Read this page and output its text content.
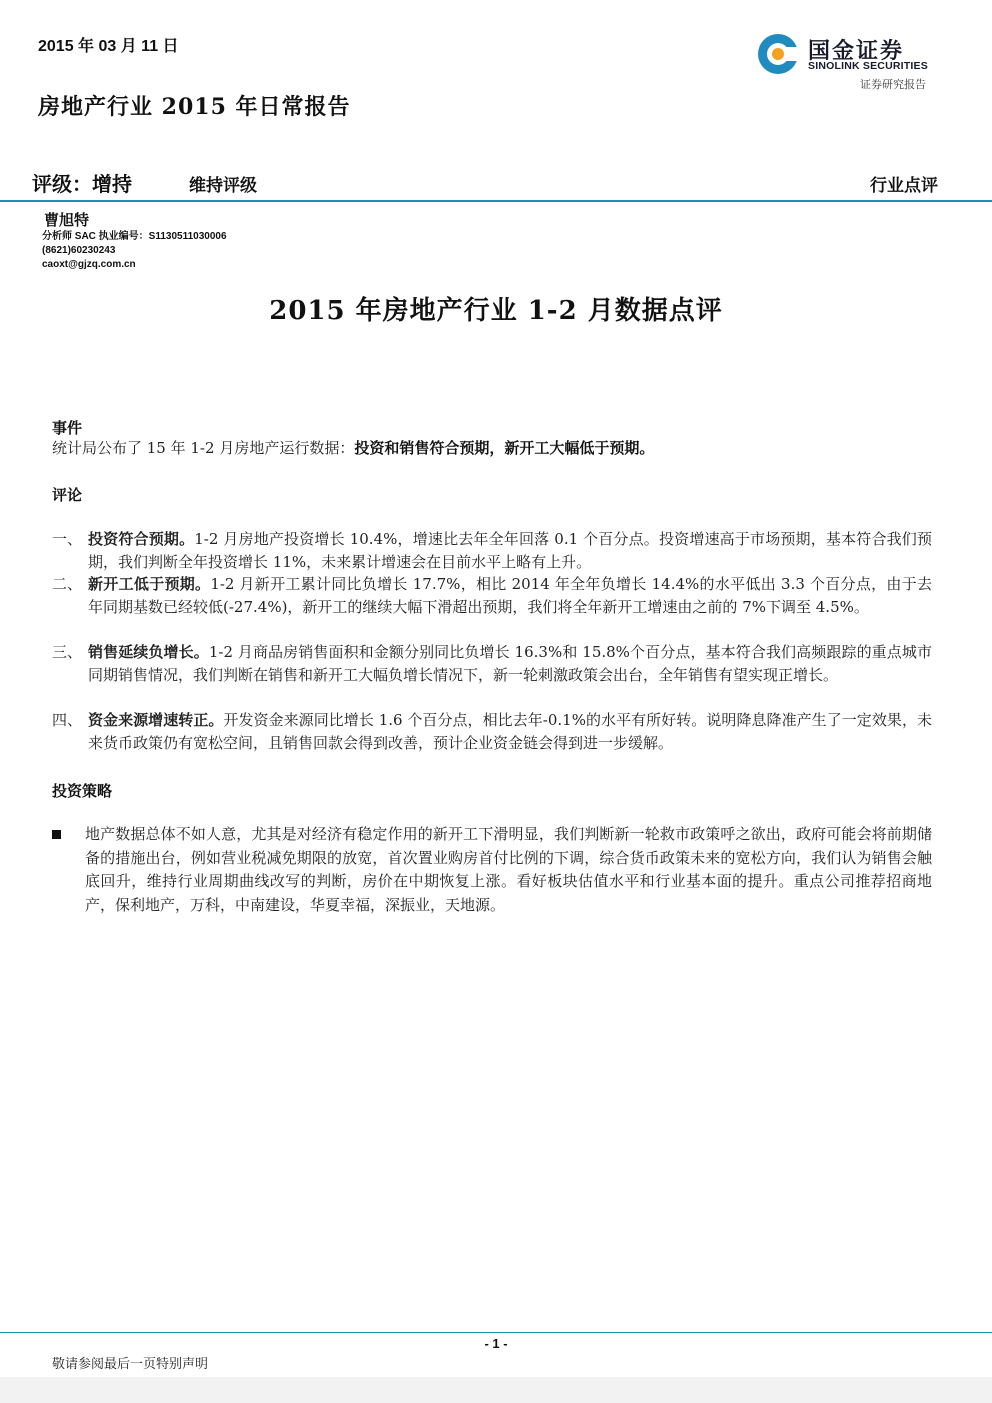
2015 年 03 月 11 日
房地产行业 2015 年日常报告
国金证券
SINOLINK SECURITIES
证券研究报告
评级：增持	维持评级	行业点评
曹旭特
分析师 SAC 执业编号：S1130511030006
(8621)60230243
caoxt@gjzq.com.cn
2015 年房地产行业 1-2 月数据点评
事件
统计局公布了 15 年 1-2 月房地产运行数据：投资和销售符合预期，新开工大幅低于预期。
评论
一、 投资符合预期。1-2 月房地产投资增长 10.4%，增速比去年全年回落 0.1 个百分点。投资增速高于市场预期，基本符合我们预期，我们判断全年投资增长 11%，未来累计增速会在目前水平上略有上升。
二、 新开工低于预期。1-2 月新开工累计同比负增长 17.7%，相比 2014 年全年负增长 14.4%的水平低出 3.3 个百分点，由于去年同期基数已经较低(-27.4%)，新开工的继续大幅下滑超出预期，我们将全年新开工增速由之前的 7%下调至 4.5%。
三、 销售延续负增长。1-2 月商品房销售面积和金额分别同比负增长 16.3%和 15.8%个百分点，基本符合我们高频跟踪的重点城市同期销售情况，我们判断在销售和新开工大幅负增长情况下，新一轮刺激政策会出台，全年销售有望实现正增长。
四、 资金来源增速转正。开发资金来源同比增长 1.6 个百分点，相比去年-0.1%的水平有所好转。说明降息降准产生了一定效果，未来货币政策仍有宽松空间，且销售回款会得到改善，预计企业资金链会得到进一步缓解。
投资策略
地产数据总体不如人意，尤其是对经济有稳定作用的新开工下滑明显，我们判断新一轮救市政策呼之欲出，政府可能会将前期储备的措施出台，例如营业税减免期限的放宽，首次置业购房首付比例的下调，综合货币政策未来的宽松方向，我们认为销售会触底回升，维持行业周期曲线改写的判断，房价在中期恢复上涨。看好板块估值水平和行业基本面的提升。重点公司推荐招商地产，保利地产，万科，中南建设，华夏幸福，深振业，天地源。
- 1 -
敬请参阅最后一页特别声明
